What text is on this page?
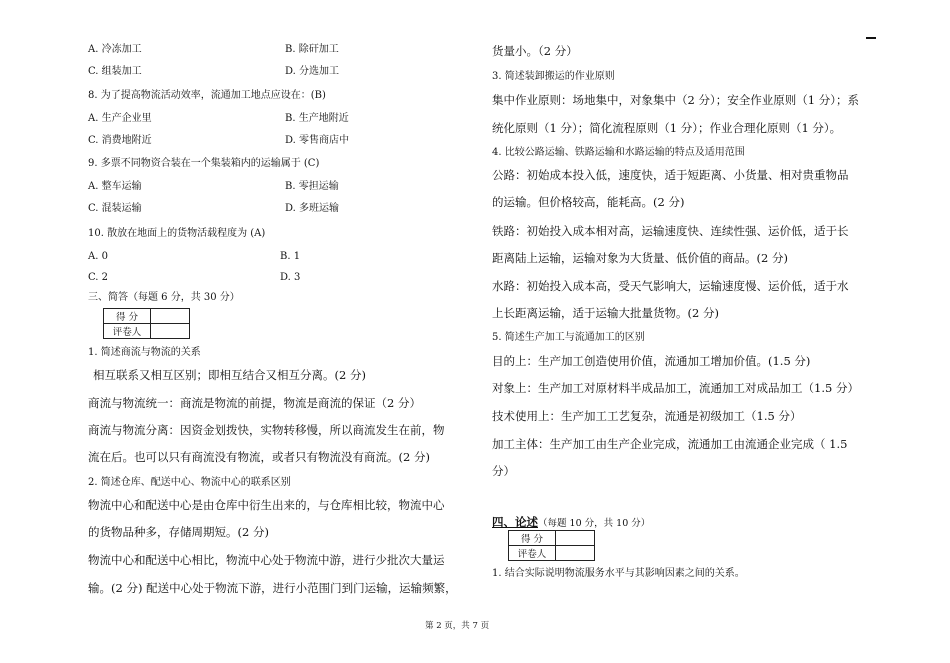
A. 冷冻加工	B. 除矸加工
C. 组装加工	D. 分选加工
8. 为了提高物流活动效率，流通加工地点应设在：(B)
A. 生产企业里	B. 生产地附近
C. 消费地附近	D. 零售商店中
9. 多票不同物资合装在一个集装箱内的运输属于 (C)
A. 整车运输	B. 零担运输
C. 混装运输	D. 多班运输
10. 散放在地面上的货物活载程度为 (A)
A. 0	B. 1
C. 2	D. 3
三、简答（每题 6 分，共 30 分）
得 分	
评卷人	
1. 简述商流与物流的关系
相互联系又相互区别；即相互结合又相互分离。(2 分)
商流与物流统一：商流是物流的前提，物流是商流的保证（2 分）
商流与物流分离：因资金划拨快，实物转移慢，所以商流发生在前，物
流在后。也可以只有商流没有物流，或者只有物流没有商流。(2 分)
2. 简述仓库、配送中心、物流中心的联系区别
物流中心和配送中心是由仓库中衍生出来的，与仓库相比较，物流中心
的货物品种多，存储周期短。(2 分)
物流中心和配送中心相比，物流中心处于物流中游，进行少批次大量运
输。(2 分) 配送中心处于物流下游，进行小范围门到门运输，运输频繁，
货量小。（2 分）
3. 简述装卸搬运的作业原则
集中作业原则：场地集中，对象集中（2 分）；安全作业原则（1 分）；系
统化原则（1 分）；简化流程原则（1 分）；作业合理化原则（1 分）。
4. 比较公路运输、铁路运输和水路运输的特点及适用范围
公路：初始成本投入低，速度快，适于短距离、小货量、相对贵重物品
的运输。但价格较高，能耗高。(2 分)
铁路：初始投入成本相对高，运输速度快、连续性强、运价低，适于长
距离陆上运输，运输对象为大货量、低价值的商品。(2 分)
水路：初始投入成本高，受天气影响大，运输速度慢、运价低，适于水
上长距离运输，适于运输大批量货物。(2 分)
5. 简述生产加工与流通加工的区别
目的上：生产加工创造使用价值，流通加工增加价值。(1.5 分)
对象上：生产加工对原材料半成品加工，流通加工对成品加工（1.5 分）
技术使用上：生产加工工艺复杂，流通是初级加工（1.5 分）
加工主体：生产加工由生产企业完成，流通加工由流通企业完成（ 1.5
分）
四、论述（每题 10 分，共 10 分）
得 分	
评卷人	
1. 结合实际说明物流服务水平与其影响因素之间的关系。
第 2 页，共 7 页
